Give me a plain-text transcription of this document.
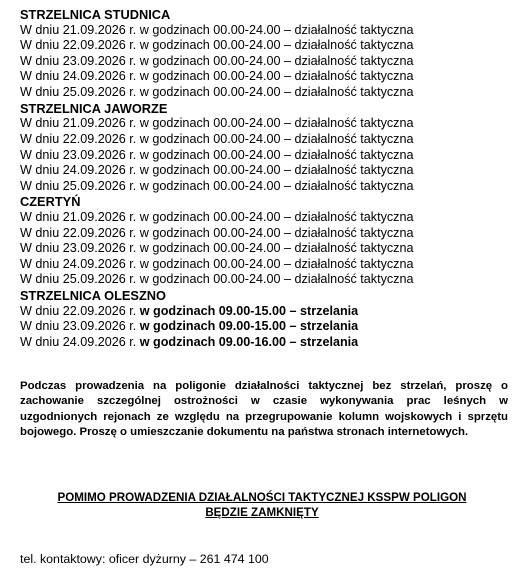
STRZELNICA STUDNICA
W dniu 21.09.2026 r. w godzinach 00.00-24.00 – działalność taktyczna
W dniu 22.09.2026 r. w godzinach 00.00-24.00 – działalność taktyczna
W dniu 23.09.2026 r. w godzinach 00.00-24.00 – działalność taktyczna
W dniu 24.09.2026 r. w godzinach 00.00-24.00 – działalność taktyczna
W dniu 25.09.2026 r. w godzinach 00.00-24.00 – działalność taktyczna
STRZELNICA JAWORZE
W dniu 21.09.2026 r. w godzinach 00.00-24.00 – działalność taktyczna
W dniu 22.09.2026 r. w godzinach 00.00-24.00 – działalność taktyczna
W dniu 23.09.2026 r. w godzinach 00.00-24.00 – działalność taktyczna
W dniu 24.09.2026 r. w godzinach 00.00-24.00 – działalność taktyczna
W dniu 25.09.2026 r. w godzinach 00.00-24.00 – działalność taktyczna
CZERTYŃ
W dniu 21.09.2026 r. w godzinach 00.00-24.00 – działalność taktyczna
W dniu 22.09.2026 r. w godzinach 00.00-24.00 – działalność taktyczna
W dniu 23.09.2026 r. w godzinach 00.00-24.00 – działalność taktyczna
W dniu 24.09.2026 r. w godzinach 00.00-24.00 – działalność taktyczna
W dniu 25.09.2026 r. w godzinach 00.00-24.00 – działalność taktyczna
STRZELNICA OLESZNO
W dniu 22.09.2026 r. w godzinach 09.00-15.00 – strzelania
W dniu 23.09.2026 r. w godzinach 09.00-15.00 – strzelania
W dniu 24.09.2026 r. w godzinach 09.00-16.00 – strzelania

Podczas prowadzenia na poligonie działalności taktycznej bez strzelań, proszę o zachowanie szczególnej ostrożności w czasie wykonywania prac leśnych w uzgodnionych rejonach ze względu na przegrupowanie kolumn wojskowych i sprzętu bojowego. Proszę o umieszczanie dokumentu na państwa stronach internetowych.

POMIMO PROWADZENIA DZIAŁALNOŚCI TAKTYCZNEJ KSSPW POLIGON
BĘDZIE ZAMKNIĘTY
tel. kontaktowy: oficer dyżurny – 261 474 100
